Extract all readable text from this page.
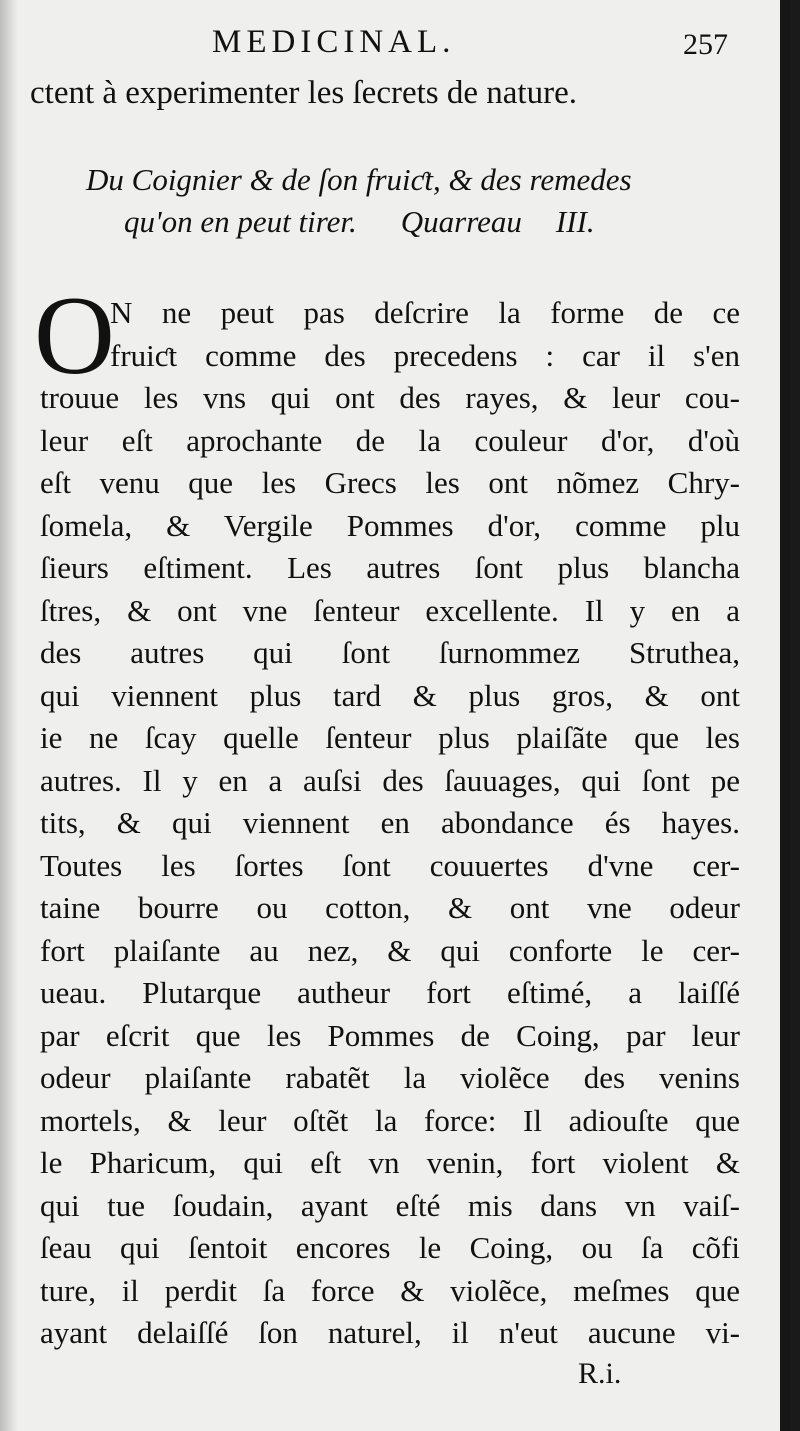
MEDICINAL.	257
ctent à experimenter les ſecrets de nature.
Du Coignier & de ſon fruiƈt, & des remedes
qu'on en peut tirer. Quarreau III.
O
N ne peut pas deſcrire la forme de ce
fruiƈt comme des precedens : car il s'en
trouue les vns qui ont des rayes, & leur cou-
leur eſt aprochante de la couleur d'or, d'où
eſt venu que les Grecs les ont nõmez Chry-
ſomela, & Vergile Pommes d'or, comme plu
ſieurs eſtiment. Les autres ſont plus blancha
ſtres, & ont vne ſenteur excellente. Il y en a
des autres qui ſont ſurnommez Struthea,
qui viennent plus tard & plus gros, & ont
ie ne ſcay quelle ſenteur plus plaiſãte que les
autres. Il y en a auſsi des ſauuages, qui ſont pe
tits, & qui viennent en abondance és hayes.
Toutes les ſortes ſont couuertes d'vne cer-
taine bourre ou cotton, & ont vne odeur
fort plaiſante au nez, & qui conforte le cer-
ueau. Plutarque autheur fort eſtimé, a laiſſé
par eſcrit que les Pommes de Coing, par leur
odeur plaiſante rabatẽt la violẽce des venins
mortels, & leur oſtẽt la force: Il adiouſte que
le Pharicum, qui eſt vn venin, fort violent &
qui tue ſoudain, ayant eſté mis dans vn vaiſ-
ſeau qui ſentoit encores le Coing, ou ſa cõfi
ture, il perdit ſa force & violẽce, meſmes que
ayant delaiſſé ſon naturel, il n'eut aucune vi-
R.i.
